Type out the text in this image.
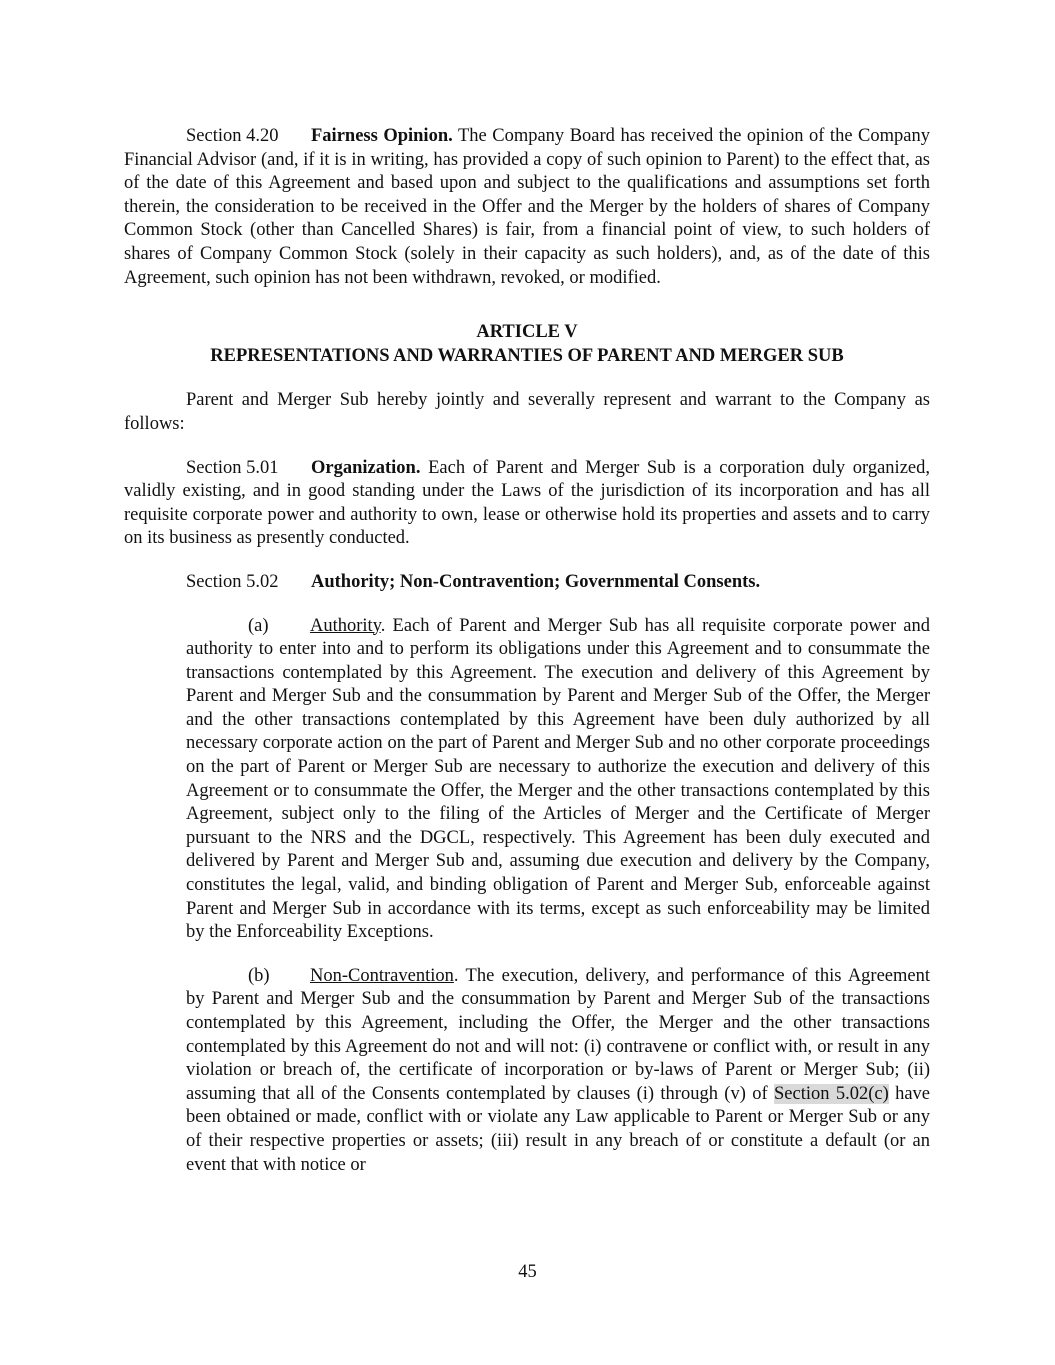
Section 4.20 Fairness Opinion. The Company Board has received the opinion of the Company Financial Advisor (and, if it is in writing, has provided a copy of such opinion to Parent) to the effect that, as of the date of this Agreement and based upon and subject to the qualifications and assumptions set forth therein, the consideration to be received in the Offer and the Merger by the holders of shares of Company Common Stock (other than Cancelled Shares) is fair, from a financial point of view, to such holders of shares of Company Common Stock (solely in their capacity as such holders), and, as of the date of this Agreement, such opinion has not been withdrawn, revoked, or modified.

ARTICLE V

REPRESENTATIONS AND WARRANTIES OF PARENT AND MERGER SUB

Parent and Merger Sub hereby jointly and severally represent and warrant to the Company as follows:

Section 5.01 Organization. Each of Parent and Merger Sub is a corporation duly organized, validly existing, and in good standing under the Laws of the jurisdiction of its incorporation and has all requisite corporate power and authority to own, lease or otherwise hold its properties and assets and to carry on its business as presently conducted.

Section 5.02 Authority; Non-Contravention; Governmental Consents.

(a) Authority. Each of Parent and Merger Sub has all requisite corporate power and authority to enter into and to perform its obligations under this Agreement and to consummate the transactions contemplated by this Agreement. The execution and delivery of this Agreement by Parent and Merger Sub and the consummation by Parent and Merger Sub of the Offer, the Merger and the other transactions contemplated by this Agreement have been duly authorized by all necessary corporate action on the part of Parent and Merger Sub and no other corporate proceedings on the part of Parent or Merger Sub are necessary to authorize the execution and delivery of this Agreement or to consummate the Offer, the Merger and the other transactions contemplated by this Agreement, subject only to the filing of the Articles of Merger and the Certificate of Merger pursuant to the NRS and the DGCL, respectively. This Agreement has been duly executed and delivered by Parent and Merger Sub and, assuming due execution and delivery by the Company, constitutes the legal, valid, and binding obligation of Parent and Merger Sub, enforceable against Parent and Merger Sub in accordance with its terms, except as such enforceability may be limited by the Enforceability Exceptions.

(b) Non-Contravention. The execution, delivery, and performance of this Agreement by Parent and Merger Sub and the consummation by Parent and Merger Sub of the transactions contemplated by this Agreement, including the Offer, the Merger and the other transactions contemplated by this Agreement do not and will not: (i) contravene or conflict with, or result in any violation or breach of, the certificate of incorporation or by-laws of Parent or Merger Sub; (ii) assuming that all of the Consents contemplated by clauses (i) through (v) of Section 5.02(c) have been obtained or made, conflict with or violate any Law applicable to Parent or Merger Sub or any of their respective properties or assets; (iii) result in any breach of or constitute a default (or an event that with notice or

45
